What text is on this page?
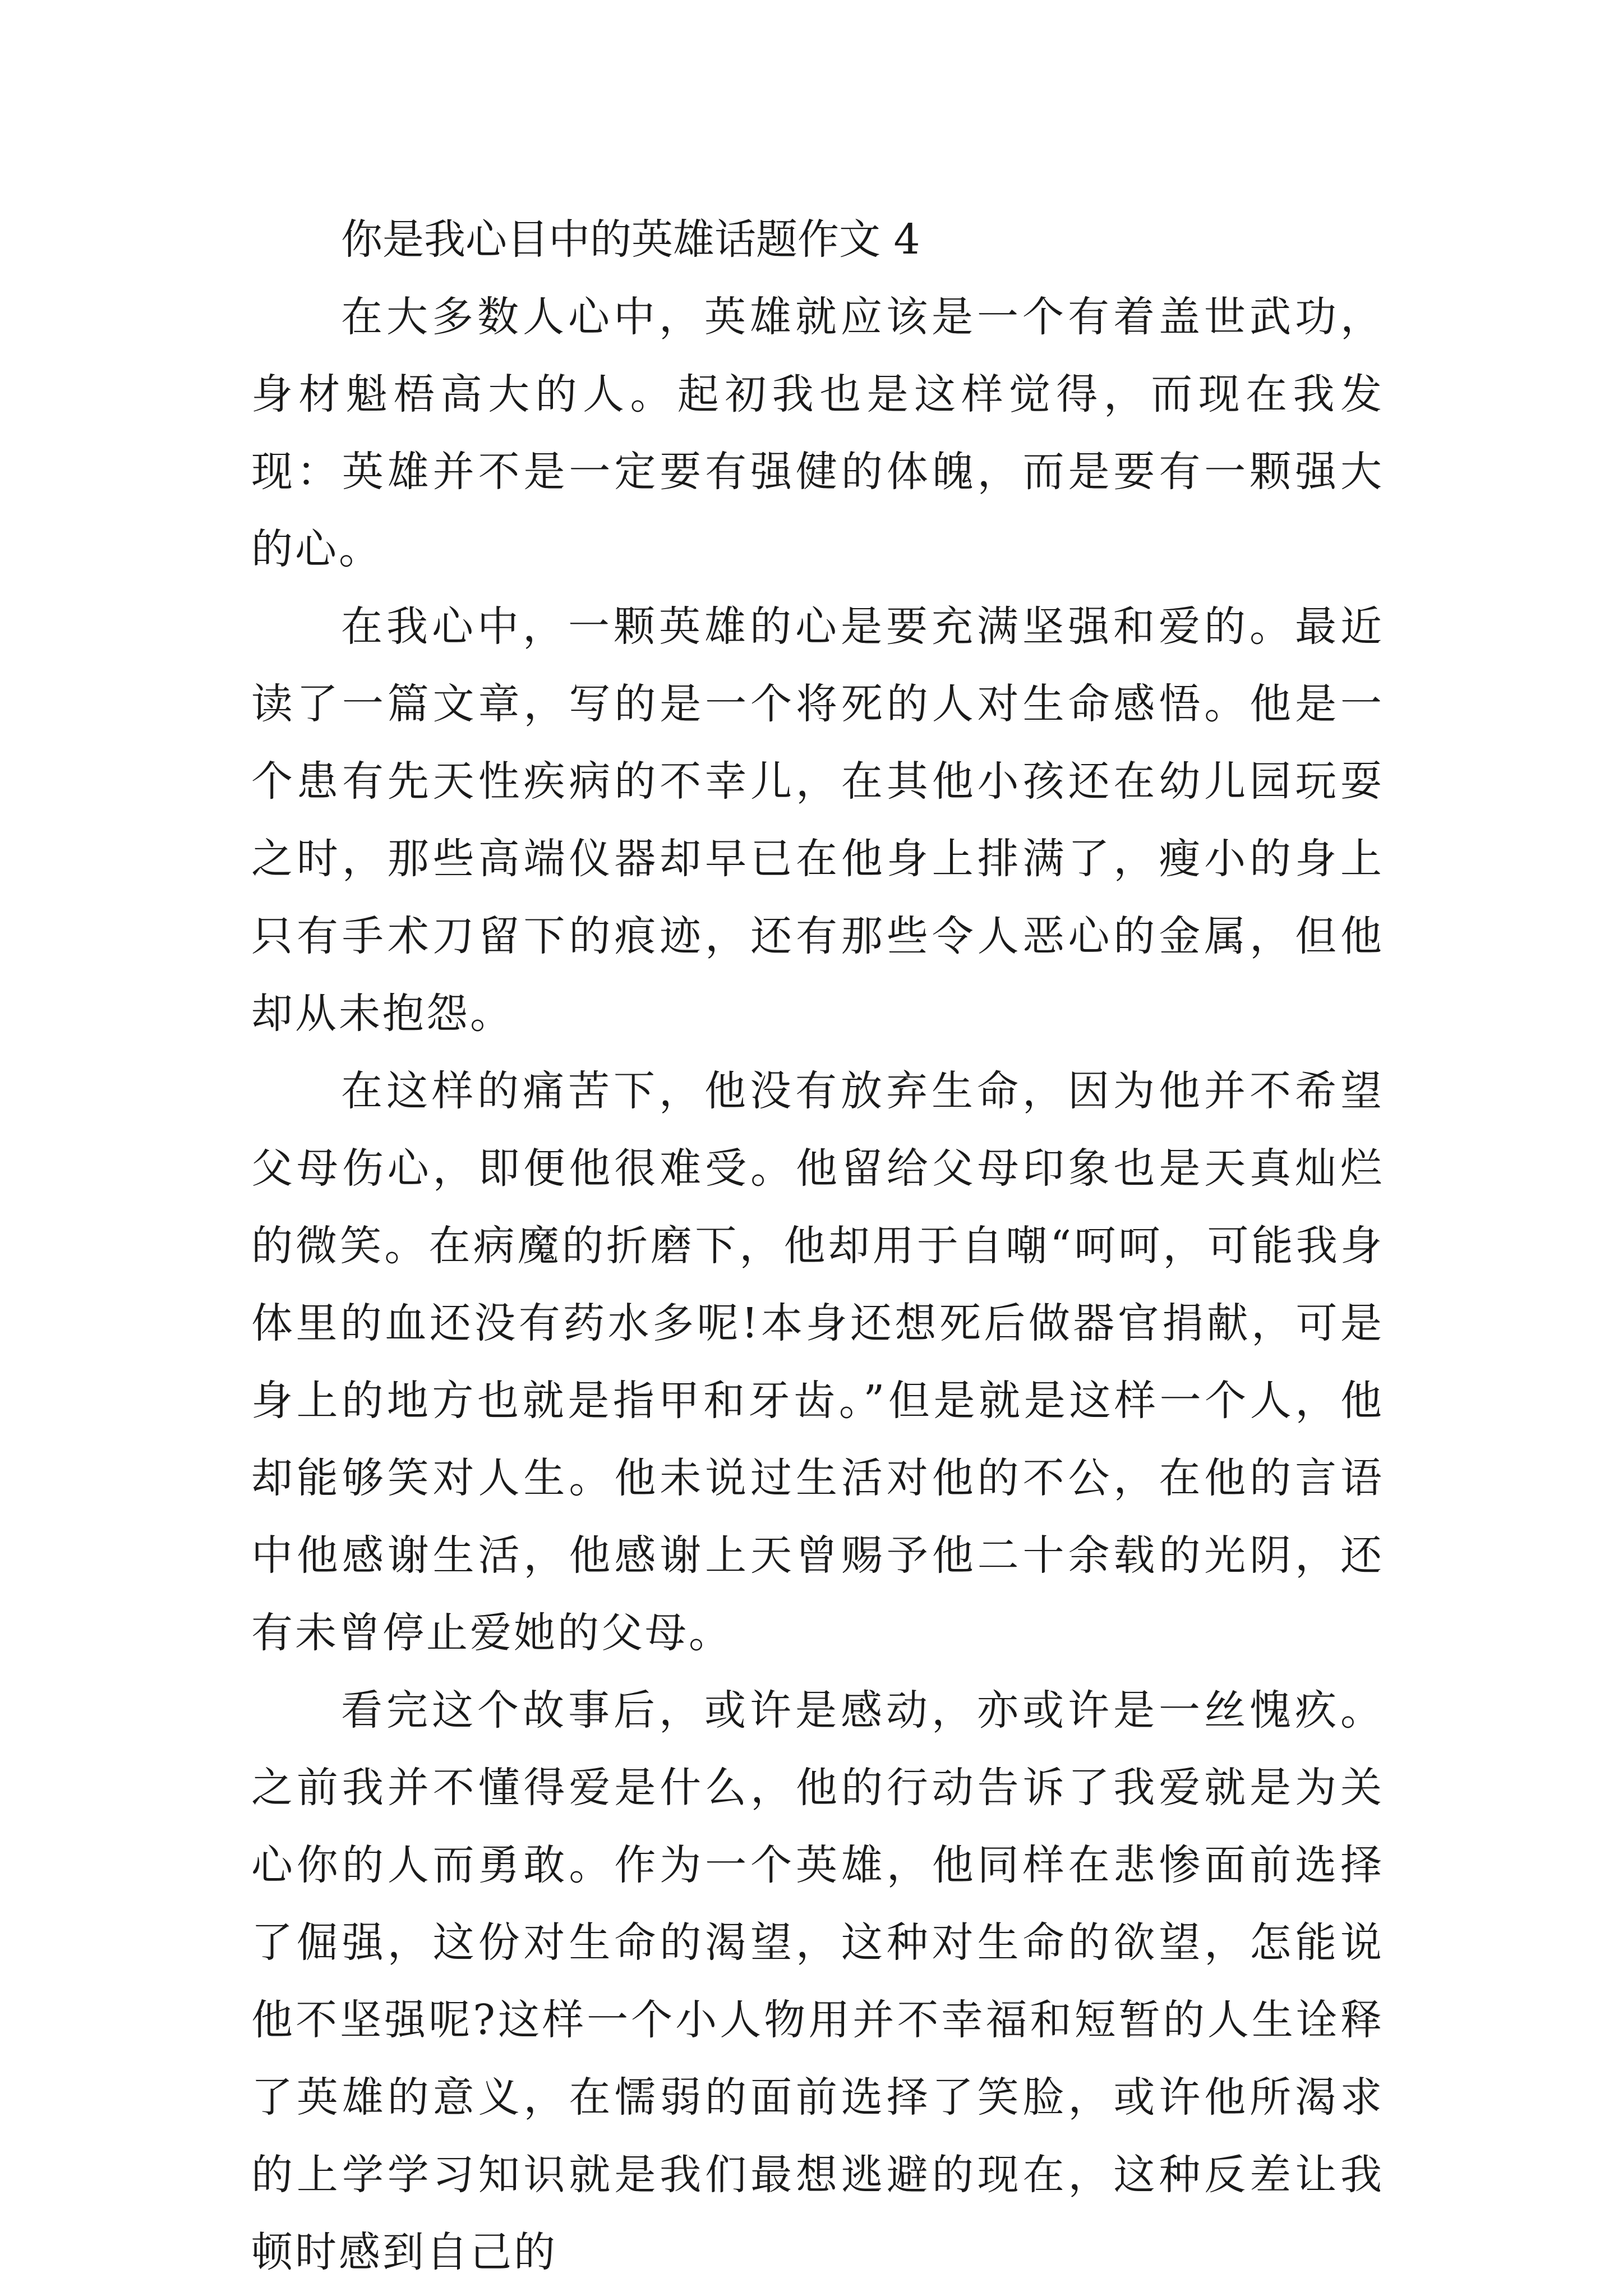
你是我心目中的英雄话题作文 4

在大多数人心中，英雄就应该是一个有着盖世武功，身材魁梧高大的人。起初我也是这样觉得，而现在我发现：英雄并不是一定要有强健的体魄，而是要有一颗强大的心。

在我心中，一颗英雄的心是要充满坚强和爱的。最近读了一篇文章，写的是一个将死的人对生命感悟。他是一个患有先天性疾病的不幸儿，在其他小孩还在幼儿园玩耍之时，那些高端仪器却早已在他身上排满了，瘦小的身上只有手术刀留下的痕迹，还有那些令人恶心的金属，但他却从未抱怨。

在这样的痛苦下，他没有放弃生命，因为他并不希望父母伤心，即便他很难受。他留给父母印象也是天真灿烂的微笑。在病魔的折磨下，他却用于自嘲“呵呵，可能我身体里的血还没有药水多呢!本身还想死后做器官捐献，可是身上的地方也就是指甲和牙齿。”但是就是这样一个人，他却能够笑对人生。他未说过生活对他的不公，在他的言语中他感谢生活，他感谢上天曾赐予他二十余载的光阴，还有未曾停止爱她的父母。

看完这个故事后，或许是感动，亦或许是一丝愧疚。之前我并不懂得爱是什么，他的行动告诉了我爱就是为关心你的人而勇敢。作为一个英雄，他同样在悲惨面前选择了倔强，这份对生命的渴望，这种对生命的欲望，怎能说他不坚强呢?这样一个小人物用并不幸福和短暂的人生诠释了英雄的意义，在懦弱的面前选择了笑脸，或许他所渴求的上学学习知识就是我们最想逃避的现在，这种反差让我顿时感到自己的
